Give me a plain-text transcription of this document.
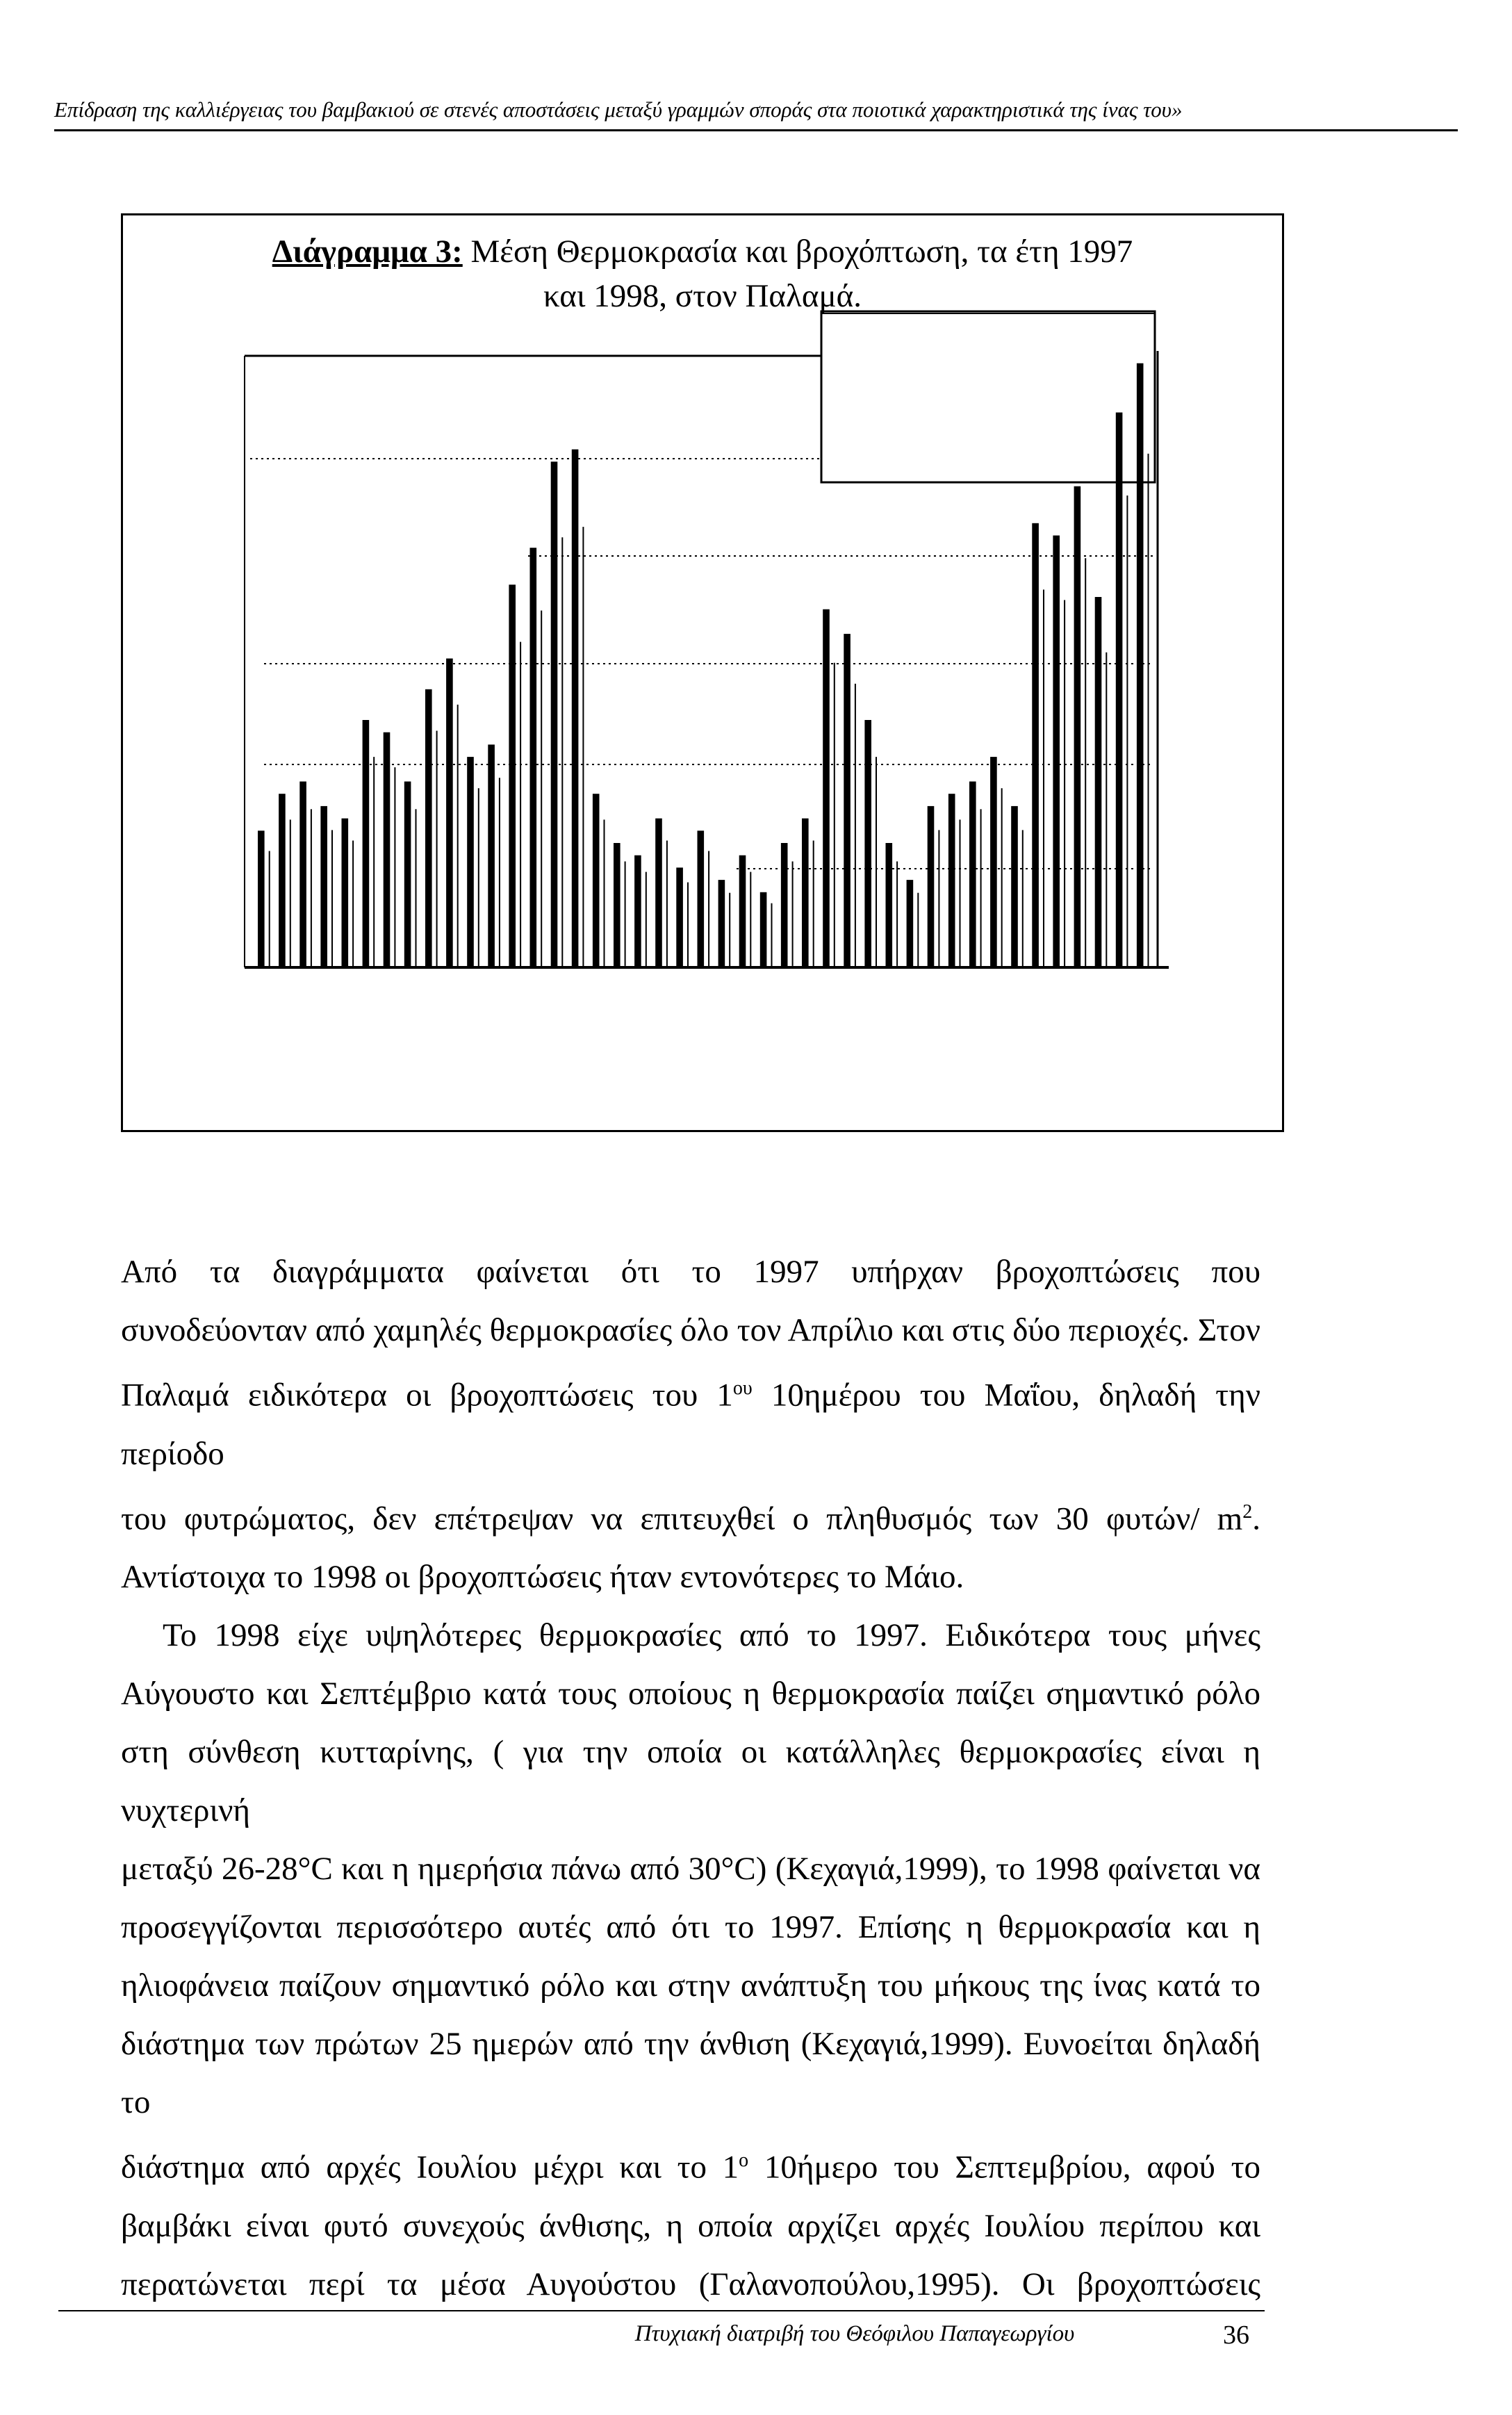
Επίδραση της καλλιέργειας του βαμβακιού σε στενές αποστάσεις μεταξύ γραμμών σποράς στα ποιοτικά χαρακτηριστικά της ίνας του»
Διάγραμμα 3: Μέση Θερμοκρασία και βροχόπτωση, τα έτη 1997
και 1998, στον Παλαμά.

Από τα διαγράμματα φαίνεται ότι το 1997 υπήρχαν βροχοπτώσεις που
συνοδεύονταν από χαμηλές θερμοκρασίες όλο τον Απρίλιο και στις δύο περιοχές. Στον
Παλαμά ειδικότερα οι βροχοπτώσεις του $1^{o\upsilon}$ 10ημέρου του Μαΐου, δηλαδή την περίοδο
του φυτρώματος, δεν επέτρεψαν να επιτευχθεί ο πληθυσμός των 30 φυτών/ $m^2$.
Αντίστοιχα το 1998 οι βροχοπτώσεις ήταν εντονότερες το Μάιο.

Το 1998 είχε υψηλότερες θερμοκρασίες από το 1997. Ειδικότερα τους μήνες
Αύγουστο και Σεπτέμβριο κατά τους οποίους η θερμοκρασία παίζει σημαντικό ρόλο
στη σύνθεση κυτταρίνης, ( για την οποία οι κατάλληλες θερμοκρασίες είναι η νυχτερινή
μεταξύ 26-28°C και η ημερήσια πάνω από 30°C) (Κεχαγιά,1999), το 1998 φαίνεται να
προσεγγίζονται περισσότερο αυτές από ότι το 1997. Επίσης η θερμοκρασία και η
ηλιοφάνεια παίζουν σημαντικό ρόλο και στην ανάπτυξη του μήκους της ίνας κατά το
διάστημα των πρώτων 25 ημερών από την άνθιση (Κεχαγιά,1999). Ευνοείται δηλαδή το
διάστημα από αρχές Ιουλίου μέχρι και το $1^o$ 10ήμερο του Σεπτεμβρίου, αφού το
βαμβάκι είναι φυτό συνεχούς άνθισης, η οποία αρχίζει αρχές Ιουλίου περίπου και
περατώνεται περί τα μέσα Αυγούστου (Γαλανοπούλου,1995). Οι βροχοπτώσεις

Πτυχιακή διατριβή του Θεόφιλου Παπαγεωργίου	36
